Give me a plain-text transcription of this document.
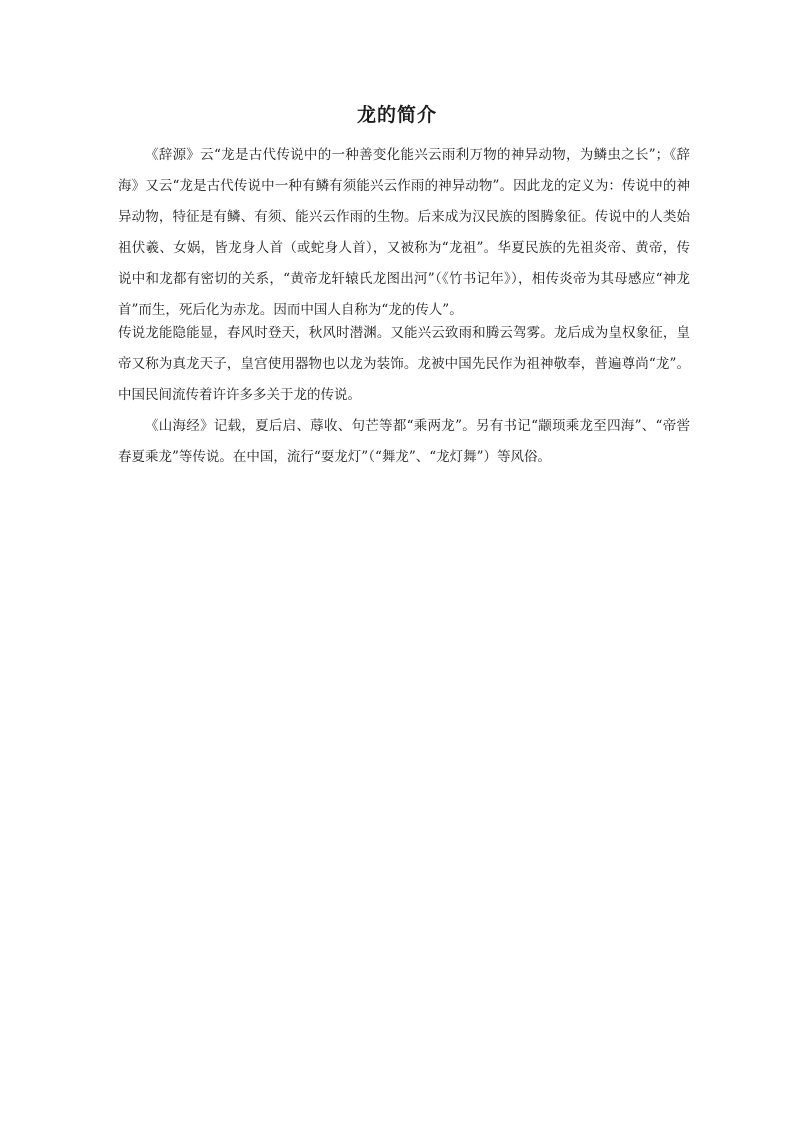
龙的简介

《辞源》云“龙是古代传说中的一种善变化能兴云雨利万物的神异动物，为鳞虫之长”；《辞海》又云“龙是古代传说中一种有鳞有须能兴云作雨的神异动物”。因此龙的定义为：传说中的神异动物，特征是有鳞、有须、能兴云作雨的生物。后来成为汉民族的图腾象征。传说中的人类始祖伏羲、女娲，皆龙身人首（或蛇身人首），又被称为“龙祖”。华夏民族的先祖炎帝、黄帝，传说中和龙都有密切的关系，“黄帝龙轩辕氏龙图出河”（《竹书记年》），相传炎帝为其母感应“神龙首”而生，死后化为赤龙。因而中国人自称为“龙的传人”。

传说龙能隐能显，春风时登天，秋风时潜渊。又能兴云致雨和腾云驾雾。龙后成为皇权象征，皇帝又称为真龙天子，皇宫使用器物也以龙为装饰。龙被中国先民作为祖神敬奉，普遍尊尚“龙”。中国民间流传着许许多多关于龙的传说。

《山海经》记载，夏后启、蓐收、句芒等都“乘两龙”。另有书记“颛顼乘龙至四海”、“帝喾春夏乘龙”等传说。在中国，流行“耍龙灯”（“舞龙”、“龙灯舞”）等风俗。
